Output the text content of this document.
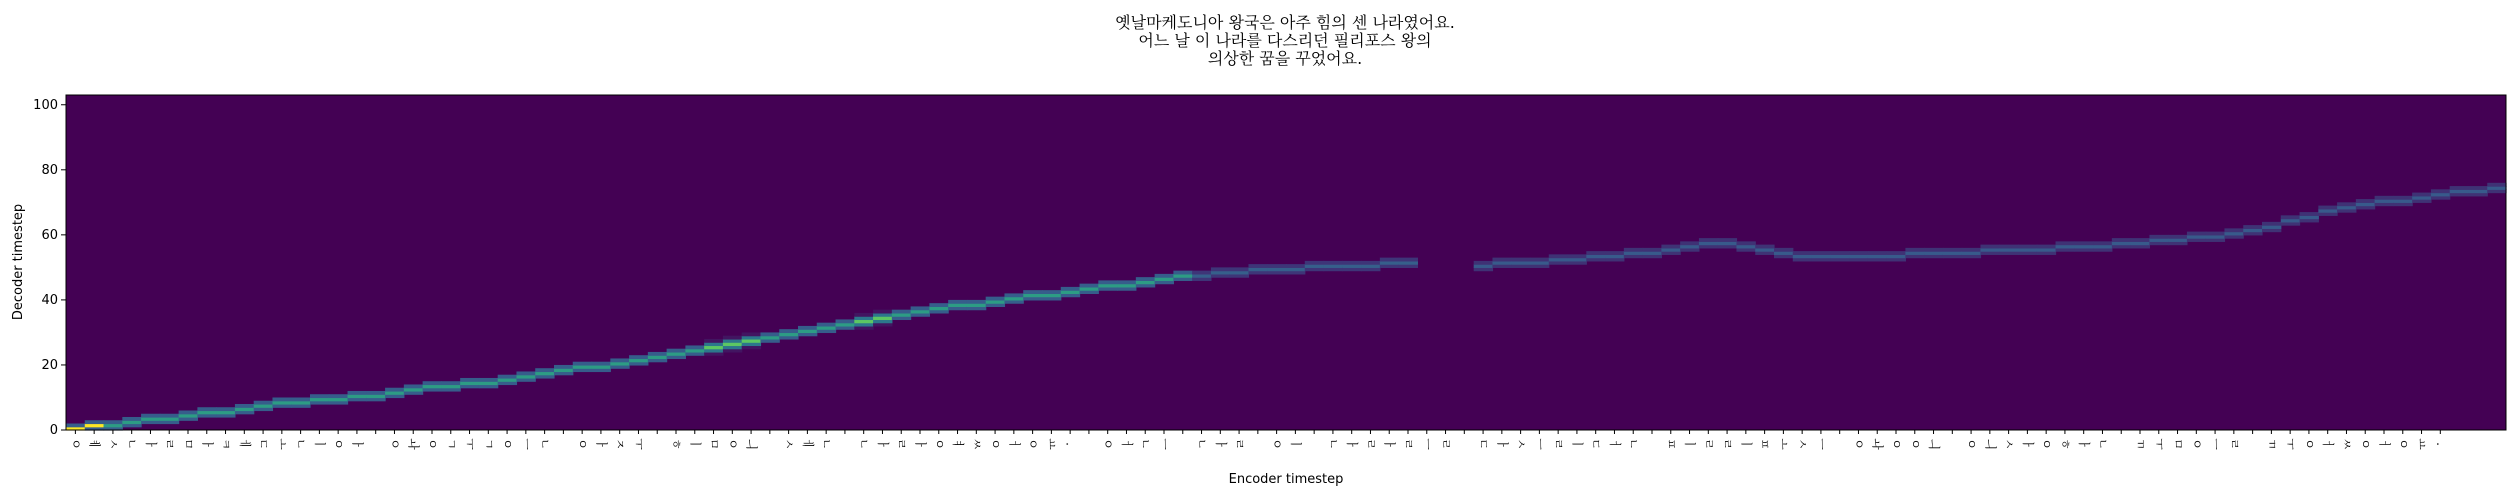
옛날마케도니아 왕국은 아주 힘의 센 나라였어요.
어느 날 이 나라를 다스리던 필리포스 왕의
의상한 꿈을 꾸었어요.
0
20
40
60
80
100
ㅇ ㅖ ㅅ ㄴ ㅏ ㄹ ㅁ ㅏ ㅋ ㅔ ㄷ ㅗ ㄴ ㅣ ㅇ ㅏ ㅇ ㅘ ㅇ ㄱ ㅜ ㄱ ㅇ ㅡ ㄴ ㅇ ㅏ ㅈ ㅜ ㅎ ㅣ ㅁ ㅇ ㅢ ㅅ ㅔ ㄴ ㄴ ㅏ ㄹ ㅏ ㅇ ㅕ ㅆ ㅇ ㅓ ㅇ ㅛ . ㅇ ㅓ ㄴ ㅡ ㄴ ㅏ ㄹ ㅇ ㅣ ㄴ ㅏ ㄹ ㅏ ㄹ ㅡ ㄹ ㄷ ㅏ ㅅ ㅡ ㄹ ㅣ ㄷ ㅓ ㄴ ㅍ ㅣ ㄹ ㄹ ㅣ ㅍ ㅗ ㅅ ㅡ ㅇ ㅘ ㅇ ㅇ ㅢ ㅇ ㅢ ㅅ ㅏ ㅇ ㅎ ㅏ ㄴ ㄲ ㅜ ㅁ ㅇ ㅡ ㄹ ㄲ ㅜ ㅇ ㅓ ㅆ ㅇ ㅓ ㅇ ㅛ .
Decoder timestep
Encoder timestep
